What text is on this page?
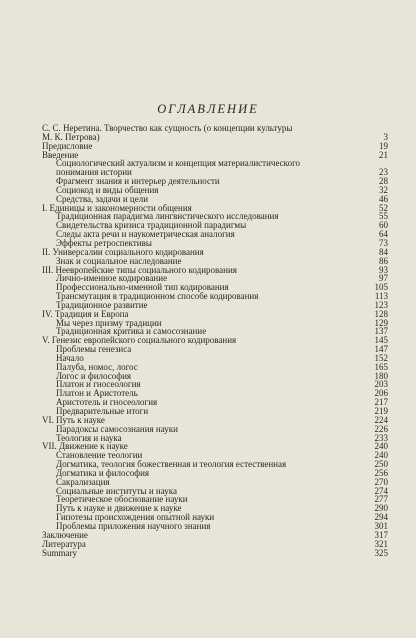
ОГЛАВЛЕНИЕ
С. С. Неретина. Творчество как сущность (о концепции культуры
М. К. Петрова)	3
Предисловие	19
Введение	21
Социологический актуализм и концепция материалистического
понимания истории	23
Фрагмент знания и интерьер деятельности	28
Социокод и виды общения	32
Средства, задачи и цели	46
I. Единицы и закономерности общения	52
Традиционная парадигма лингвистического исследования	55
Свидетельства кризиса традиционной парадигмы	60
Следы акта речи и наукометрическая аналогия	64
Эффекты ретроспективы	73
II. Универсалии социального кодирования	84
Знак и социальное наследование	86
III. Неевропейские типы социального кодирования	93
Лично-именное кодирование	97
Профессионально-именной тип кодирования	105
Трансмутация в традиционном способе кодирования	113
Традиционное развитие	123
IV. Традиция и Европа	128
Мы через призму традиции	129
Традиционная критика и самосознание	137
V. Генезис европейского социального кодирования	145
Проблемы генезиса	147
Начало	152
Палуба, номос, логос	165
Логос и философия	180
Платон и гносеология	203
Платон и Аристотель	206
Аристотель и гносеология	217
Предварительные итоги	219
VI. Путь к науке	224
Парадоксы самосознания науки	226
Теология и наука	233
VII. Движение к науке	240
Становление теологии	240
Догматика, теология божественная и теология естественная	250
Догматика и философия	256
Сакрализация	270
Социальные институты и наука	274
Теоретическое обоснование науки	277
Путь к науке и движение к науке	290
Гипотезы происхождения опытной науки	294
Проблемы приложения научного знания	301
Заключение	317
Литература	321
Summary	325
